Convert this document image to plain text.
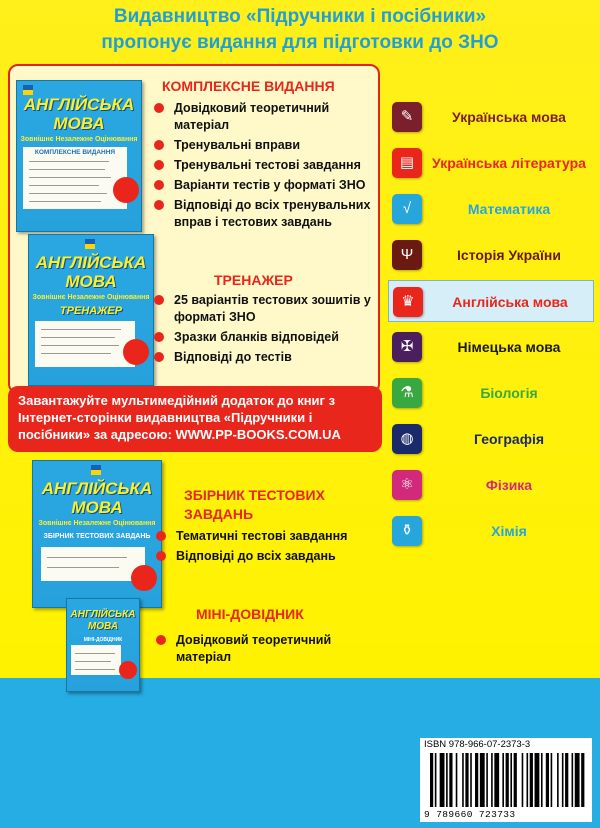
Видавництво «Підручники і посібники»
пропонує видання для підготовки до ЗНО
АНГЛІЙСЬКА
МОВА
Зовнішнє Незалежне Оцінювання
КОМПЛЕКСНЕ ВИДАННЯ
АНГЛІЙСЬКА
МОВА
Зовнішнє Незалежне Оцінювання
ТРЕНАЖЕР
КОМПЛЕКСНЕ ВИДАННЯ
Довідковий теоретичний матеріал
Тренувальні вправи
Тренувальні тестові завдання
Варіанти тестів у форматі ЗНО
Відповіді до всіх тренувальних вправ і тестових завдань
ТРЕНАЖЕР
25 варіантів тестових зошитів у форматі ЗНО
Зразки бланків відповідей
Відповіді до тестів
Завантажуйте мультимедійний додаток до книг з Інтернет-сторінки видавництва «Підручники і посібники» за адресою: WWW.PP-BOOKS.COM.UA
АНГЛІЙСЬКА
МОВА
Зовнішнє Незалежне Оцінювання
ЗБІРНИК ТЕСТОВИХ ЗАВДАНЬ
ЗБІРНИК ТЕСТОВИХ
ЗАВДАНЬ
Тематичні тестові завдання
Відповіді до всіх завдань
АНГЛІЙСЬКА
МОВА
МІНІ-ДОВІДНИК
МІНІ-ДОВІДНИК
Довідковий теоретичний матеріал
✎	Українська мова
▤	Українська література
√	Математика
Ψ	Історія України
♛	Англійська мова
✠	Німецька мова
⚗	Біологія
◍	Географія
⚛	Фізика
⚱	Хімія
ISBN 978-966-07-2373-3
9 789660 723733
